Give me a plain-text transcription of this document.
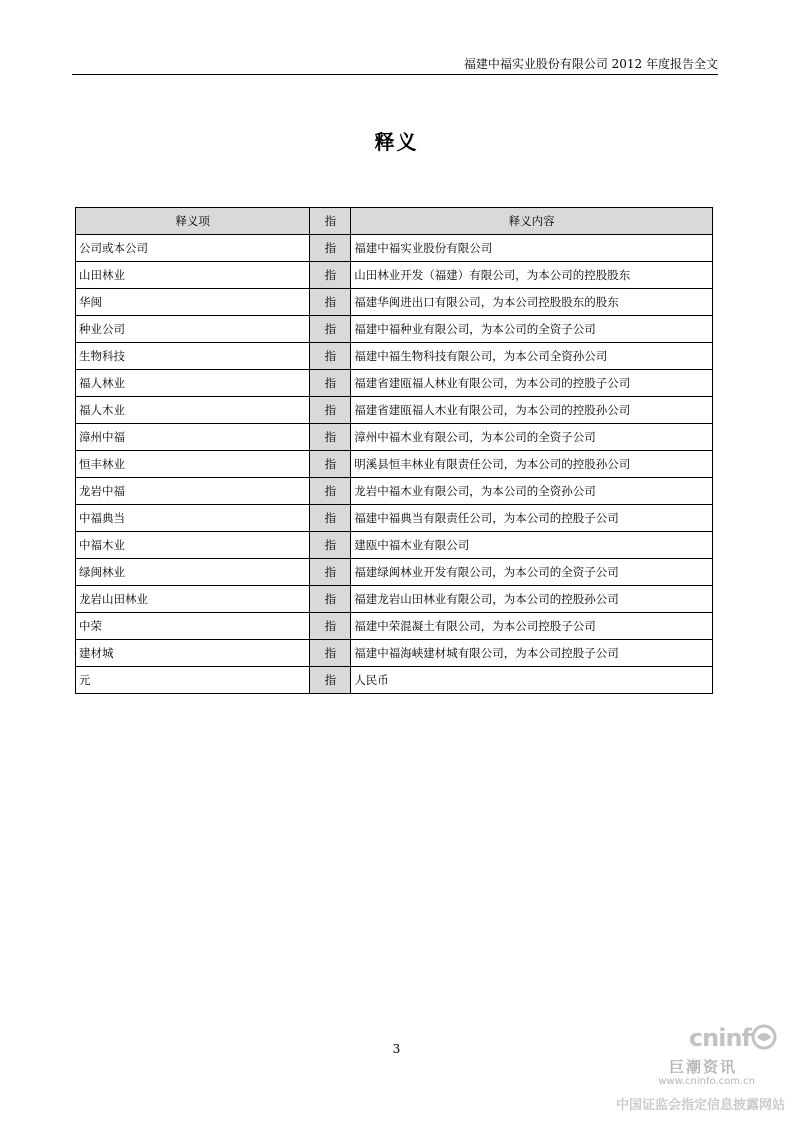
福建中福实业股份有限公司 2012 年度报告全文
释义
释义项	指	释义内容
公司或本公司	指	福建中福实业股份有限公司
山田林业	指	山田林业开发（福建）有限公司，为本公司的控股股东
华闽	指	福建华闽进出口有限公司，为本公司控股股东的股东
种业公司	指	福建中福种业有限公司，为本公司的全资子公司
生物科技	指	福建中福生物科技有限公司，为本公司全资孙公司
福人林业	指	福建省建瓯福人林业有限公司，为本公司的控股子公司
福人木业	指	福建省建瓯福人木业有限公司，为本公司的控股孙公司
漳州中福	指	漳州中福木业有限公司，为本公司的全资子公司
恒丰林业	指	明溪县恒丰林业有限责任公司，为本公司的控股孙公司
龙岩中福	指	龙岩中福木业有限公司，为本公司的全资孙公司
中福典当	指	福建中福典当有限责任公司，为本公司的控股子公司
中福木业	指	建瓯中福木业有限公司
绿闽林业	指	福建绿闽林业开发有限公司，为本公司的全资子公司
龙岩山田林业	指	福建龙岩山田林业有限公司，为本公司的控股孙公司
中荣	指	福建中荣混凝土有限公司，为本公司控股子公司
建材城	指	福建中福海峡建材城有限公司，为本公司控股子公司
元	指	人民币
3	cninf
巨潮资讯
www.cninfo.com.cn
中国证监会指定信息披露网站
